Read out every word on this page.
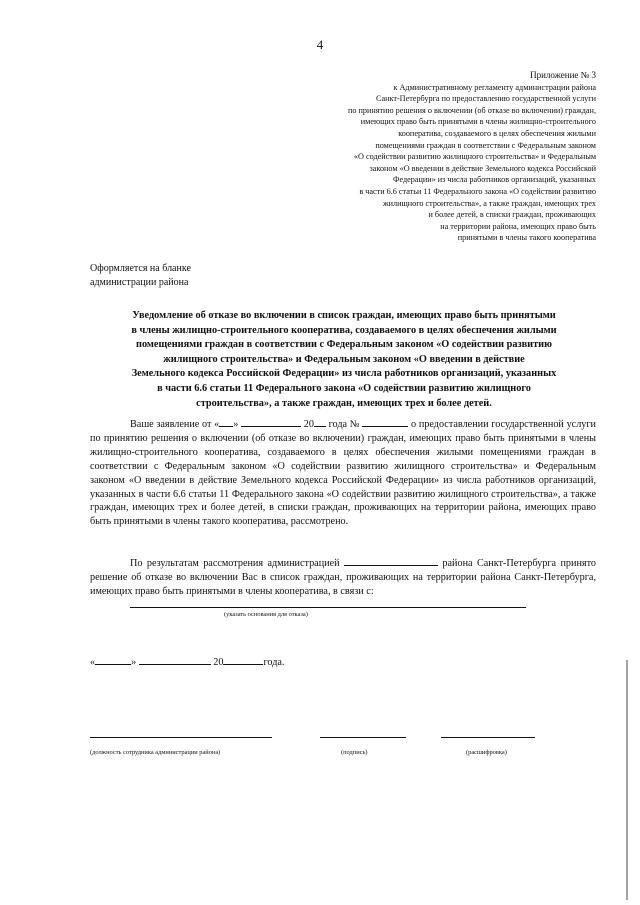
4
Приложение № 3
к Административному регламенту администрации района
Санкт-Петербурга по предоставлению государственной услуги
по принятию решения о включении (об отказе во включении) граждан,
имеющих право быть принятыми в члены жилищно-строительного
кооператива, создаваемого в целях обеспечения жилыми
помещениями граждан в соответствии с Федеральным законом
«О содействии развитию жилищного строительства» и Федеральным
законом «О введении в действие Земельного кодекса Российской
Федерации» из числа работников организаций, указанных
в части 6.6 статьи 11 Федерального закона «О содействии развитию
жилищного строительства», а также граждан, имеющих трех
и более детей, в списки граждан, проживающих
на территории района, имеющих право быть
принятыми в члены такого кооператива
Оформляется на бланке
администрации района
Уведомление об отказе во включении в список граждан, имеющих право быть принятыми
в члены жилищно-строительного кооператива, создаваемого в целях обеспечения жилыми
помещениями граждан в соответствии с Федеральным законом «О содействии развитию
жилищного строительства» и Федеральным законом «О введении в действие
Земельного кодекса Российской Федерации» из числа работников организаций, указанных
в части 6.6 статьи 11 Федерального закона «О содействии развитию жилищного
строительства», а также граждан, имеющих трех и более детей.
Ваше заявление от « »	20 года №	о предоставлении государственной услуги по принятию решения о включении (об отказе во включении) граждан, имеющих право быть принятыми в члены жилищно-строительного кооператива, создаваемого в целях обеспечения жилыми помещениями граждан в соответствии с Федеральным законом «О содействии развитию жилищного строительства» и Федеральным законом «О введении в действие Земельного кодекса Российской Федерации» из числа работников организаций, указанных в части 6.6 статьи 11 Федерального закона «О содействии развитию жилищного строительства», а также граждан, имеющих трех и более детей, в списки граждан, проживающих на территории района, имеющих право быть принятыми в члены такого кооператива, рассмотрено.
По результатам рассмотрения администрацией	района Санкт-Петербурга принято решение об отказе во включении Вас в список граждан, проживающих на территории района Санкт-Петербурга, имеющих право быть принятыми в члены кооператива, в связи с:
(указать основания для отказа)
«	»	20	года.
(должность сотрудника администрации района)	(подпись)	(расшифровка)
